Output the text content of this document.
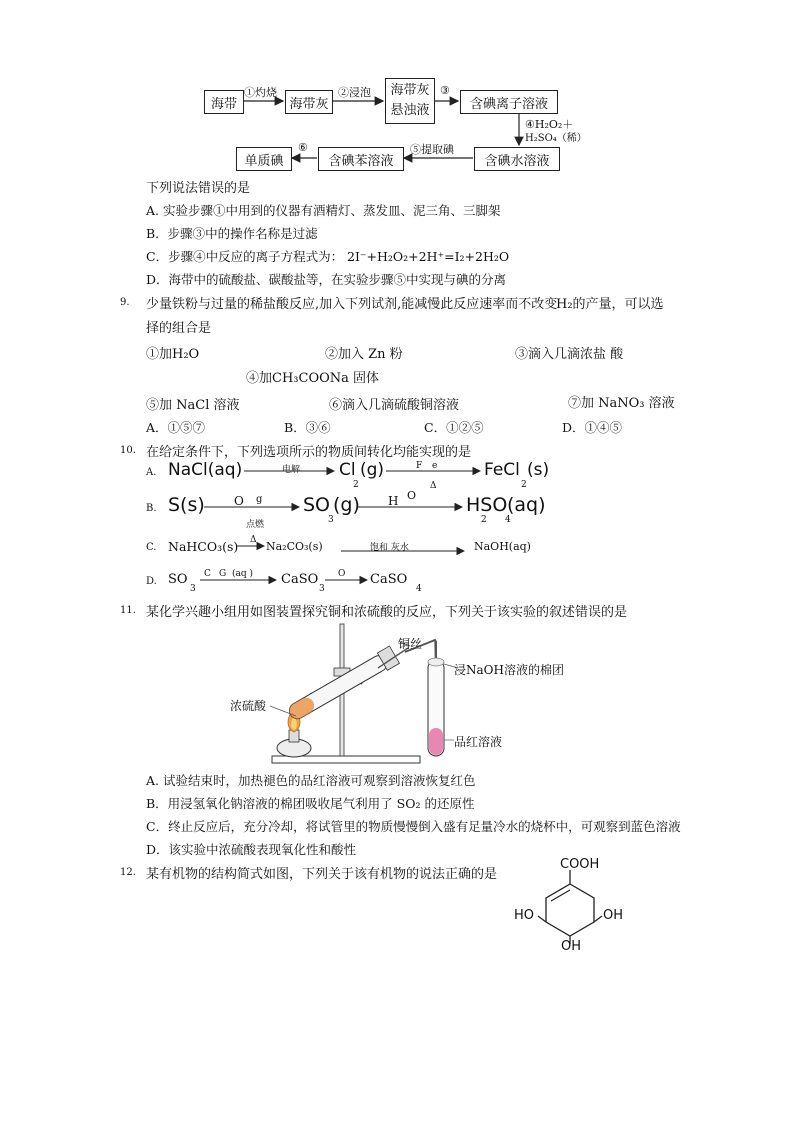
海带	海带灰
海带灰
悬浊液	含碘离子溶液
含碘水溶液
含碘苯溶液
单质碘
①灼烧	②浸泡	③
④H₂O₂＋
H₂SO₄（稀）
⑤提取碘
⑥
下列说法错误的是
A. 实验步骤①中用到的仪器有酒精灯、蒸发皿、泥三角、三脚架
B．步骤③中的操作名称是过滤
C．步骤④中反应的离子方程式为： 2I⁻+H₂O₂+2H⁺=I₂+2H₂O
D．海带中的硫酸盐、碳酸盐等，在实验步骤⑤中实现与碘的分离
9. 少量铁粉与过量的稀盐酸反应,加入下列试剂,能减慢此反应速率而不改变
H₂的产量，可以选
择的组合是
①加H₂O	②加入 Zn 粉	③滴入几滴浓盐 酸
④加CH₃COONa 固体
⑤加 NaCl 溶液	⑥滴入几滴硫酸铜溶液	⑦加 NaNO₃ 溶液
A．①⑤⑦	B．③⑥	C．①②⑤	D．①④⑤
10. 在给定条件下，下列选项所示的物质间转化均能实现的是
A. NaCl(aq)	电解 Cl
2
(g)	F e
Δ
FeCl
2
(s)
B. S(s) O g
点燃
SO
3
(g) H O	HSO
2 4
(aq)
C. NaHCO₃(s) Δ Na₂CO₃(s)	饱和 灰水	NaOH(aq)
D. SO
3
C G (aq ) CaSO
3
O CaSO
4
11. 某化学兴趣小组用如图装置探究铜和浓硫酸的反应，下列关于该实验的叙述错误的是
铜丝
浸NaOH溶液的棉团
浓硫酸
品红溶液
A. 试验结束时，加热褪色的品红溶液可观察到溶液恢复红色
B．用浸氢氧化钠溶液的棉团吸收尾气利用了 SO₂ 的还原性
C．终止反应后，充分冷却，将试管里的物质慢慢倒入盛有足量冷水的烧杯中，可观察到蓝色溶液
D．该实验中浓硫酸表现氧化性和酸性
12. 某有机物的结构简式如图，下列关于该有机物的说法正确的是
COOH
HO	OH
OH
